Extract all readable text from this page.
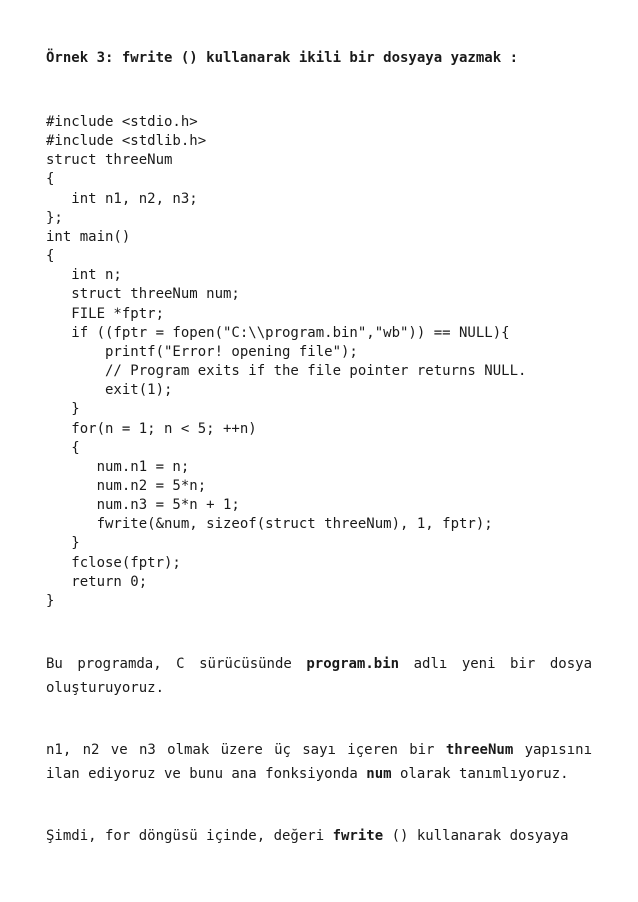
Örnek 3: fwrite () kullanarak ikili bir dosyaya yazmak :
#include <stdio.h>
#include <stdlib.h>
struct threeNum
{
int n1, n2, n3;
};
int main()
{
int n;
struct threeNum num;
FILE *fptr;
if ((fptr = fopen("C:\\program.bin","wb")) == NULL){
printf("Error! opening file");
// Program exits if the file pointer returns NULL.
exit(1);
}
for(n = 1; n < 5; ++n)
{
num.n1 = n;
num.n2 = 5*n;
num.n3 = 5*n + 1;
fwrite(&num, sizeof(struct threeNum), 1, fptr);
}
fclose(fptr);
return 0;
}
Bu programda, C sürücüsünde program.bin adlı yeni bir dosya oluşturuyoruz.
n1, n2 ve n3 olmak üzere üç sayı içeren bir threeNum yapısını ilan ediyoruz ve bunu ana fonksiyonda num olarak tanımlıyoruz.
Şimdi, for döngüsü içinde, değeri fwrite () kullanarak dosyaya
